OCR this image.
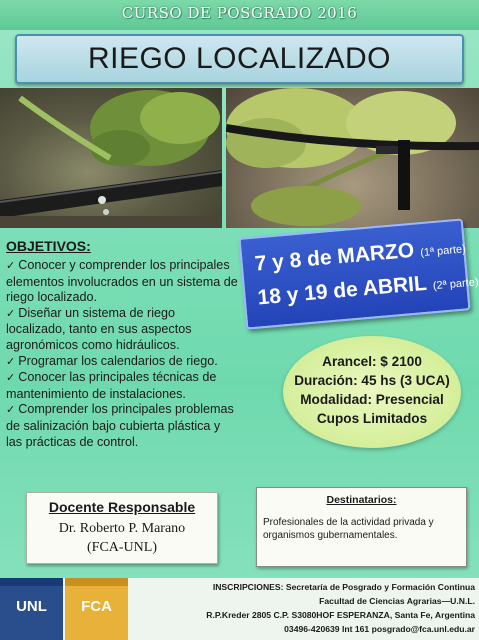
CURSO DE POSGRADO 2016
RIEGO LOCALIZADO
OBJETIVOS:
✓ Conocer y comprender los principales elementos involucrados en un sistema de riego localizado.
✓ Diseñar un sistema de riego localizado, tanto en sus aspectos agronómicos como hidráulicos.
✓ Programar los calendarios de riego.
✓ Conocer las principales técnicas de mantenimiento de instalaciones.
✓ Comprender los principales problemas de salinización bajo cubierta plástica y las prácticas de control.
7 y 8 de MARZO (1ª parte)
18 y 19 de ABRIL (2ª parte)
Arancel: $ 2100
Duración: 45 hs (3 UCA)
Modalidad: Presencial
Cupos Limitados
Docente Responsable
Dr. Roberto P. Marano
(FCA-UNL)
Destinatarios:
Profesionales de la actividad privada y organismos gubernamentales.
UNL	FCA
INSCRIPCIONES: Secretaría de Posgrado y Formación Continua
Facultad de Ciencias Agrarias—U.N.L.
R.P.Kreder 2805 C.P. S3080HOF ESPERANZA, Santa Fe, Argentina
03496-420639 Int 161 posgrado@fca.unl.edu.ar
